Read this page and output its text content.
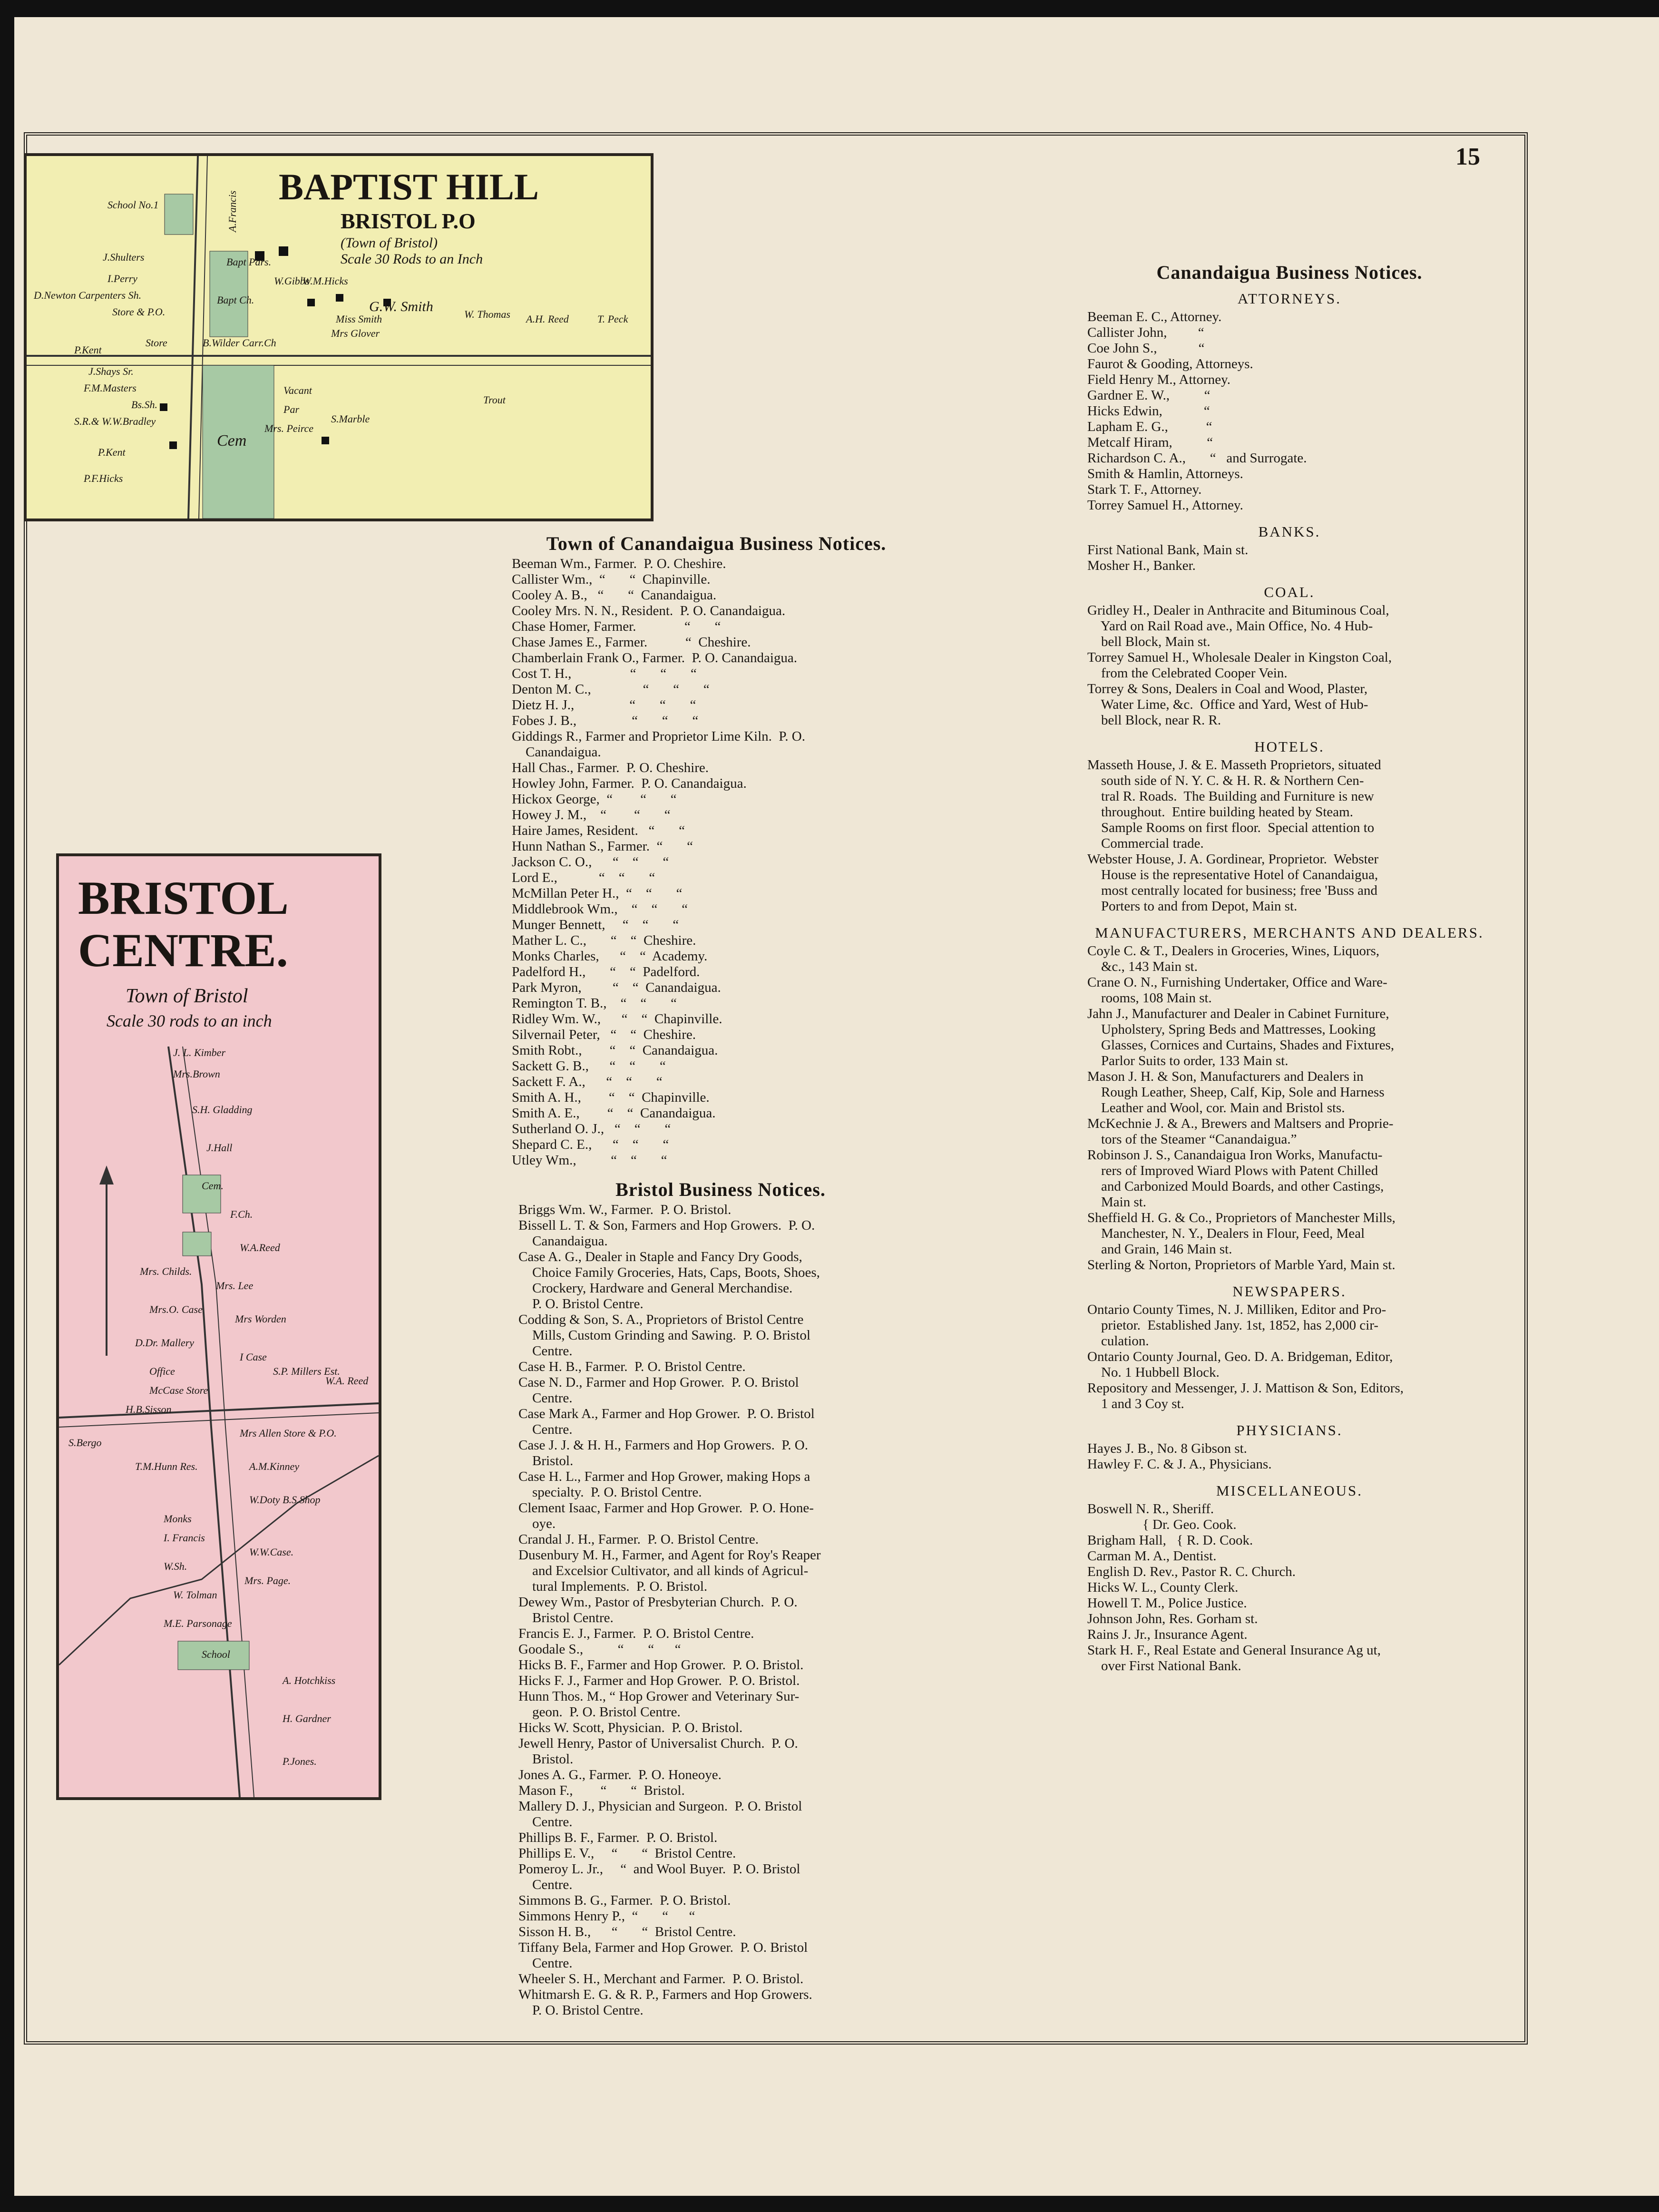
15
BAPTIST HILL
BRISTOL P.O
(Town of Bristol)
Scale 30 Rods to an Inch
School No.1	A.Francis
J.Shulters
I.Perry
D.Newton Carpenters Sh.
Store & P.O.
Bapt Pars.
W.Gibbs
W.M.Hicks
Bapt Ch.
Miss Smith
Mrs Glover
G.W. Smith	W. Thomas A.H. Reed	T. Peck
P.Kent
J.Shays Sr.
F.M.Masters
Bs.Sh.
S.R.& W.W.Bradley
Store	B.Wilder Carr.Ch
P.Kent
P.F.Hicks
Cem
Vacant
Par
Mrs. Peirce
S.Marble
Trout
BRISTOL
CENTRE.
Town of Bristol
Scale 30 rods to an inch
J. L. Kimber
Mrs.Brown
S.H. Gladding
J.Hall
Cem.
F.Ch.
W.A.Reed
Mrs. Childs.
Mrs.O. Case
Mrs. Lee
Mrs Worden
D.Dr. Mallery
Office
I Case
S.P. Millers Est.
W.A. Reed
McCase Store
H.B.Sisson
S.Bergo
Mrs Allen Store & P.O.
T.M.Hunn Res.	A.M.Kinney
W.Doty B.S.Shop
Monks
I. Francis
W.W.Case.
W.Sh.
Mrs. Page.
W. Tolman
M.E. Parsonage
School
A. Hotchkiss
H. Gardner
P.Jones.
Town of Canandaigua Business Notices.
Beeman Wm., Farmer.  P. O. Cheshire.
Callister Wm.,  “       “  Chapinville.
Cooley A. B.,   “       “  Canandaigua.
Cooley Mrs. N. N., Resident.  P. O. Canandaigua.
Chase Homer, Farmer.              “       “
Chase James E., Farmer.           “  Cheshire.
Chamberlain Frank O., Farmer.  P. O. Canandaigua.
Cost T. H.,                 “       “       “
Denton M. C.,               “       “       “
Dietz H. J.,                “       “       “
Fobes J. B.,                “       “       “
Giddings R., Farmer and Proprietor Lime Kiln.  P. O.
Canandaigua.
Hall Chas., Farmer.  P. O. Cheshire.
Howley John, Farmer.  P. O. Canandaigua.
Hickox George,  “        “       “
Howey J. M.,    “        “       “
Haire James, Resident.   “       “
Hunn Nathan S., Farmer.  “       “
Jackson C. O.,      “    “       “
Lord E.,            “    “       “
McMillan Peter H.,  “    “       “
Middlebrook Wm.,    “    “       “
Munger Bennett,     “    “       “
Mather L. C.,       “    “  Cheshire.
Monks Charles,      “    “  Academy.
Padelford H.,       “    “  Padelford.
Park Myron,         “    “  Canandaigua.
Remington T. B.,    “    “       “
Ridley Wm. W.,      “    “  Chapinville.
Silvernail Peter,   “    “  Cheshire.
Smith Robt.,        “    “  Canandaigua.
Sackett G. B.,      “    “       “
Sackett F. A.,      “    “       “
Smith A. H.,        “    “  Chapinville.
Smith A. E.,        “    “  Canandaigua.
Sutherland O. J.,   “    “       “
Shepard C. E.,      “    “       “
Utley Wm.,          “    “       “
Bristol Business Notices.
Briggs Wm. W., Farmer.  P. O. Bristol.
Bissell L. T. & Son, Farmers and Hop Growers.  P. O.
Canandaigua.
Case A. G., Dealer in Staple and Fancy Dry Goods,
Choice Family Groceries, Hats, Caps, Boots, Shoes,
Crockery, Hardware and General Merchandise.
P. O. Bristol Centre.
Codding & Son, S. A., Proprietors of Bristol Centre
Mills, Custom Grinding and Sawing.  P. O. Bristol
Centre.
Case H. B., Farmer.  P. O. Bristol Centre.
Case N. D., Farmer and Hop Grower.  P. O. Bristol
Centre.
Case Mark A., Farmer and Hop Grower.  P. O. Bristol
Centre.
Case J. J. & H. H., Farmers and Hop Growers.  P. O.
Bristol.
Case H. L., Farmer and Hop Grower, making Hops a
specialty.  P. O. Bristol Centre.
Clement Isaac, Farmer and Hop Grower.  P. O. Hone-
oye.
Crandal J. H., Farmer.  P. O. Bristol Centre.
Dusenbury M. H., Farmer, and Agent for Roy's Reaper
and Excelsior Cultivator, and all kinds of Agricul-
tural Implements.  P. O. Bristol.
Dewey Wm., Pastor of Presbyterian Church.  P. O.
Bristol Centre.
Francis E. J., Farmer.  P. O. Bristol Centre.
Goodale S.,          “       “      “
Hicks B. F., Farmer and Hop Grower.  P. O. Bristol.
Hicks F. J., Farmer and Hop Grower.  P. O. Bristol.
Hunn Thos. M., “ Hop Grower and Veterinary Sur-
geon.  P. O. Bristol Centre.
Hicks W. Scott, Physician.  P. O. Bristol.
Jewell Henry, Pastor of Universalist Church.  P. O.
Bristol.
Jones A. G., Farmer.  P. O. Honeoye.
Mason F.,        “       “  Bristol.
Mallery D. J., Physician and Surgeon.  P. O. Bristol
Centre.
Phillips B. F., Farmer.  P. O. Bristol.
Phillips E. V.,     “       “  Bristol Centre.
Pomeroy L. Jr.,     “  and Wool Buyer.  P. O. Bristol
Centre.
Simmons B. G., Farmer.  P. O. Bristol.
Simmons Henry P.,  “       “      “
Sisson H. B.,      “       “  Bristol Centre.
Tiffany Bela, Farmer and Hop Grower.  P. O. Bristol
Centre.
Wheeler S. H., Merchant and Farmer.  P. O. Bristol.
Whitmarsh E. G. & R. P., Farmers and Hop Growers.
P. O. Bristol Centre.
Canandaigua Business Notices.
ATTORNEYS.
Beeman E. C., Attorney.
Callister John,         “
Coe John S.,            “
Faurot & Gooding, Attorneys.
Field Henry M., Attorney.
Gardner E. W.,          “
Hicks Edwin,            “
Lapham E. G.,           “
Metcalf Hiram,          “
Richardson C. A.,       “   and Surrogate.
Smith & Hamlin, Attorneys.
Stark T. F., Attorney.
Torrey Samuel H., Attorney.
BANKS.
First National Bank, Main st.
Mosher H., Banker.
COAL.
Gridley H., Dealer in Anthracite and Bituminous Coal,
Yard on Rail Road ave., Main Office, No. 4 Hub-
bell Block, Main st.
Torrey Samuel H., Wholesale Dealer in Kingston Coal,
from the Celebrated Cooper Vein.
Torrey & Sons, Dealers in Coal and Wood, Plaster,
Water Lime, &c.  Office and Yard, West of Hub-
bell Block, near R. R.
HOTELS.
Masseth House, J. & E. Masseth Proprietors, situated
south side of N. Y. C. & H. R. & Northern Cen-
tral R. Roads.  The Building and Furniture is new
throughout.  Entire building heated by Steam.
Sample Rooms on first floor.  Special attention to
Commercial trade.
Webster House, J. A. Gordinear, Proprietor.  Webster
House is the representative Hotel of Canandaigua,
most centrally located for business; free 'Buss and
Porters to and from Depot, Main st.
MANUFACTURERS, MERCHANTS AND DEALERS.
Coyle C. & T., Dealers in Groceries, Wines, Liquors,
&c., 143 Main st.
Crane O. N., Furnishing Undertaker, Office and Ware-
rooms, 108 Main st.
Jahn J., Manufacturer and Dealer in Cabinet Furniture,
Upholstery, Spring Beds and Mattresses, Looking
Glasses, Cornices and Curtains, Shades and Fixtures,
Parlor Suits to order, 133 Main st.
Mason J. H. & Son, Manufacturers and Dealers in
Rough Leather, Sheep, Calf, Kip, Sole and Harness
Leather and Wool, cor. Main and Bristol sts.
McKechnie J. & A., Brewers and Maltsers and Proprie-
tors of the Steamer “Canandaigua.”
Robinson J. S., Canandaigua Iron Works, Manufactu-
rers of Improved Wiard Plows with Patent Chilled
and Carbonized Mould Boards, and other Castings,
Main st.
Sheffield H. G. & Co., Proprietors of Manchester Mills,
Manchester, N. Y., Dealers in Flour, Feed, Meal
and Grain, 146 Main st.
Sterling & Norton, Proprietors of Marble Yard, Main st.
NEWSPAPERS.
Ontario County Times, N. J. Milliken, Editor and Pro-
prietor.  Established Jany. 1st, 1852, has 2,000 cir-
culation.
Ontario County Journal, Geo. D. A. Bridgeman, Editor,
No. 1 Hubbell Block.
Repository and Messenger, J. J. Mattison & Son, Editors,
1 and 3 Coy st.
PHYSICIANS.
Hayes J. B., No. 8 Gibson st.
Hawley F. C. & J. A., Physicians.
MISCELLANEOUS.
Boswell N. R., Sheriff.
{ Dr. Geo. Cook.
Brigham Hall,   { R. D. Cook.
Carman M. A., Dentist.
English D. Rev., Pastor R. C. Church.
Hicks W. L., County Clerk.
Howell T. M., Police Justice.
Johnson John, Res. Gorham st.
Rains J. Jr., Insurance Agent.
Stark H. F., Real Estate and General Insurance Ag ut,
over First National Bank.
